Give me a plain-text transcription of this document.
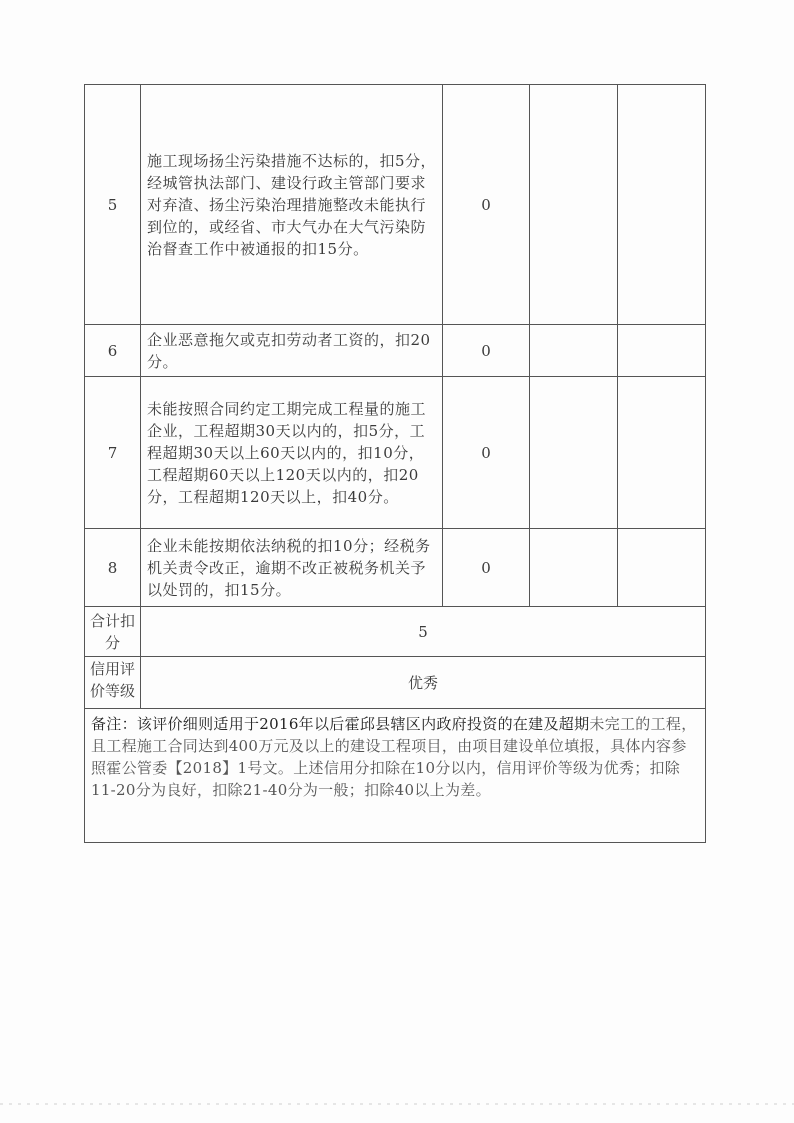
5	施工现场扬尘污染措施不达标的，扣5分，经城管执法部门、建设行政主管部门要求对弃渣、扬尘污染治理措施整改未能执行到位的，或经省、市大气办在大气污染防治督查工作中被通报的扣15分。	0		
6	企业恶意拖欠或克扣劳动者工资的，扣20分。	0		
7	未能按照合同约定工期完成工程量的施工企业，工程超期30天以内的，扣5分，工程超期30天以上60天以内的，扣10分，工程超期60天以上120天以内的，扣20分，工程超期120天以上，扣40分。	0		
8	企业未能按期依法纳税的扣10分；经税务机关责令改正，逾期不改正被税务机关予以处罚的，扣15分。	0		
合计扣分	5			

信用评价等级	优秀			
备注：该评价细则适用于2016年以后霍邱县辖区内政府投资的在建及超期未完工的工程，且工程施工合同达到400万元及以上的建设工程项目，由项目建设单位填报，具体内容参照霍公管委【2018】1号文。上述信用分扣除在10分以内，信用评价等级为优秀；扣除11-20分为良好，扣除21-40分为一般；扣除40以上为差。				
